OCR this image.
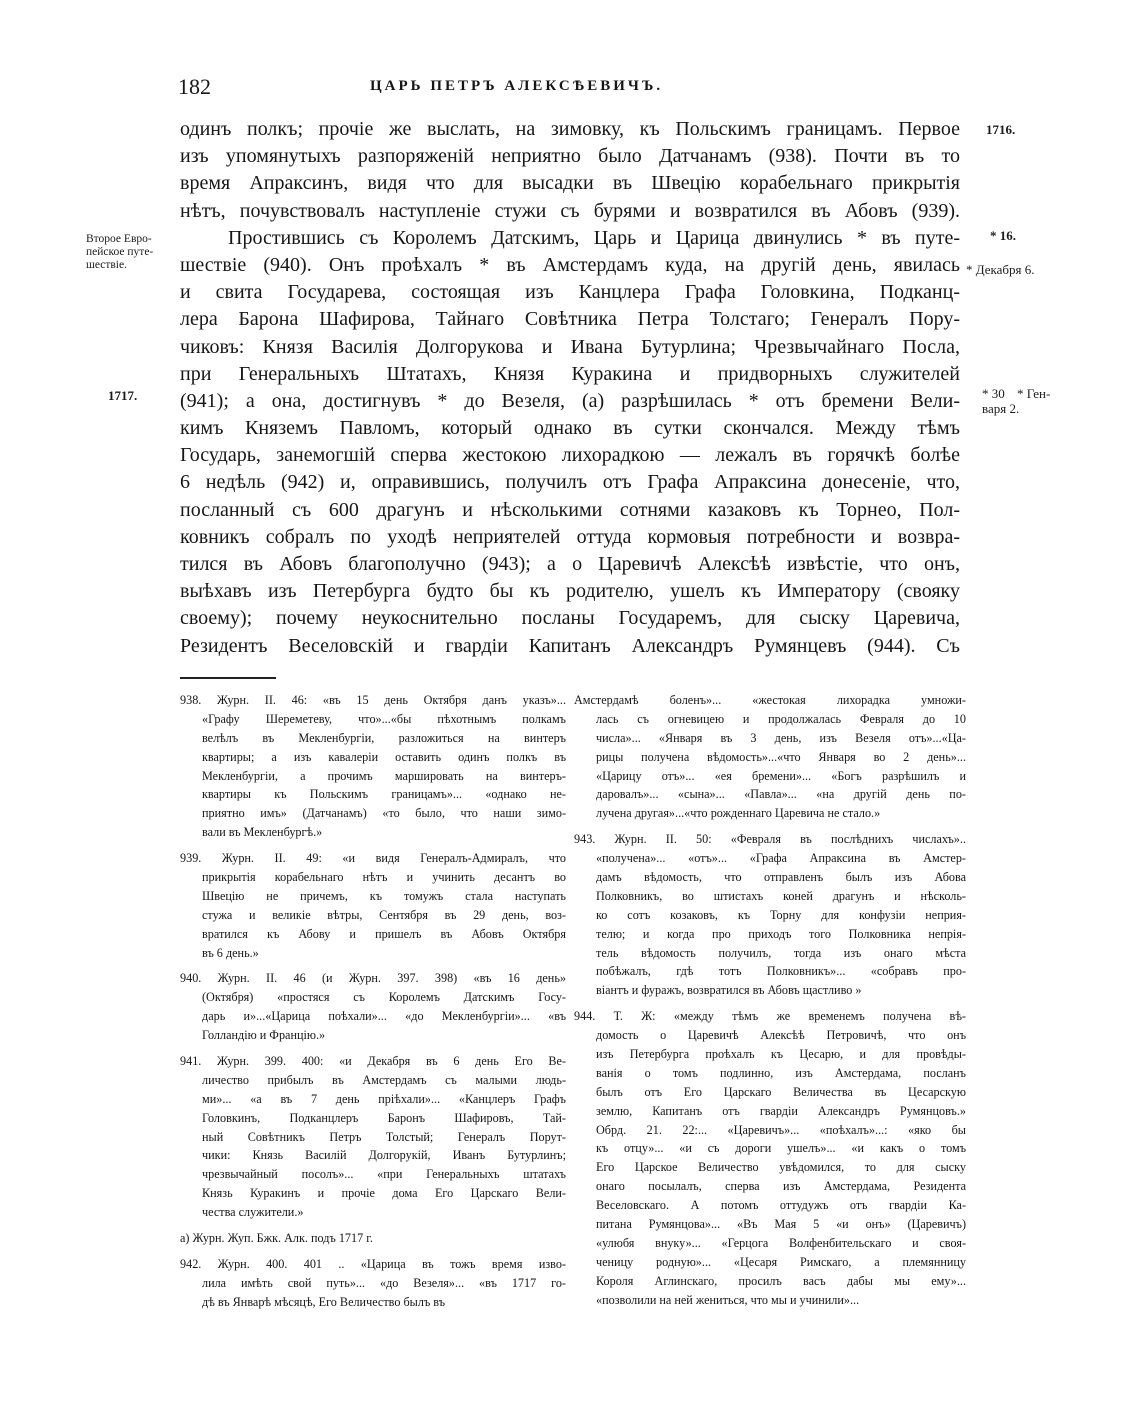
182	ЦАРЬ ПЕТРЪ АЛЕКСѢЕВИЧЪ.
Второе Евро-
пейское путе-
шествіе.
1717.
1716.
* 16.
* Декабря 6.
* 30
варя 2.
* Ген-
одинъ полкъ; прочіе же выслать, на зимовку, къ Польскимъ границамъ. Первое
изъ упомянутыхъ разпоряженій неприятно было Датчанамъ (938). Почти въ то
время Апраксинъ, видя что для высадки въ Швецію корабельнаго прикрытія
нѣтъ, почувствовалъ наступленіе стужи съ бурями и возвратился въ Абовъ (939).
Простившись съ Королемъ Датскимъ, Царь и Царица двинулись * въ путе-
шествіе (940). Онъ проѣхалъ * въ Амстердамъ куда, на другій день, явилась
и свита Государева, состоящая изъ Канцлера Графа Головкина, Подканц-
лера Барона Шафирова, Тайнаго Совѣтника Петра Толстаго; Генералъ Пору-
чиковъ: Князя Василія Долгорукова и Ивана Бутурлина; Чрезвычайнаго Посла,
при Генеральныхъ Штатахъ, Князя Куракина и придворныхъ служителей
(941); а она, достигнувъ * до Везеля, (а) разрѣшилась * отъ бремени Вели-
кимъ Княземъ Павломъ, который однако въ сутки скончался. Между тѣмъ
Государь, занемогшій сперва жестокою лихорадкою — лежалъ въ горячкѣ болѣе
6 недѣль (942) и, оправившись, получилъ отъ Графа Апраксина донесеніе, что,
посланный съ 600 драгунъ и нѣсколькими сотнями казаковъ къ Торнео, Пол-
ковникъ собралъ по уходѣ неприятелей оттуда кормовыя потребности и возвра-
тился въ Абовъ благополучно (943); а о Царевичѣ Алексѣѣ извѣстіе, что онъ,
выѣхавъ изъ Петербурга будто бы къ родителю, ушелъ къ Императору (свояку
своему); почему неукоснительно посланы Государемъ, для сыску Царевича,
Резидентъ Веселовскій и гвардіи Капитанъ Александръ Румянцевъ (944). Съ
938. Журн. II. 46: «въ 15 день Октября данъ указъ»...
«Графу Шереметеву, что»...«бы пѣхотнымъ полкамъ
велѣлъ въ Мекленбургіи, разложиться на винтеръ
квартиры; а изъ кавалеріи оставить одинъ полкъ въ
Мекленбургіи, а прочимъ маршировать на винтеръ-
квартиры къ Польскимъ границамъ»... «однако не-
приятно имъ» (Датчанамъ) «то было, что наши зимо-
вали въ Мекленбургѣ.»
939. Журн. II. 49: «и видя Генералъ-Адмиралъ, что
прикрытія корабельнаго нѣтъ и учинить десантъ во
Швецію не причемъ, къ томужъ стала наступать
стужа и великіе вѣтры, Сентября въ 29 день, воз-
вратился къ Абову и пришелъ въ Абовъ Октября
въ 6 день.»
940. Журн. II. 46 (и Журн. 397. 398) «въ 16 день»
(Октября) «простяся съ Королемъ Датскимъ Госу-
дарь и»...«Царица поѣхали»... «до Мекленбургіи»... «въ
Голландію и Францію.»
941. Журн. 399. 400: «и Декабря въ 6 день Его Ве-
личество прибылъ въ Амстердамъ съ малыми людь-
ми»... «а въ 7 день пріѣхали»... «Канцлеръ Графъ
Головкинъ, Подканцлеръ Баронъ Шафировъ, Тай-
ный Совѣтникъ Петръ Толстый; Генералъ Порут-
чики: Князь Василій Долгорукій, Иванъ Бутурлинъ;
чрезвычайный посолъ»... «при Генеральныхъ штатахъ
Князь Куракинъ и прочіе дома Его Царскаго Вели-
чества служители.»
а) Журн. Жуп. Бжк. Алк. подъ 1717 г.
942. Журн. 400. 401 .. «Царица въ тожъ время изво-
лила имѣть свой путь»... «до Везеля»... «въ 1717 го-
дѣ въ Январѣ мѣсяцѣ, Его Величество былъ въ
Амстердамѣ боленъ»... «жестокая лихорадка умножи-
лась съ огневицею и продолжалась Февраля до 10
числа»... «Января въ 3 день, изъ Везеля отъ»...«Ца-
рицы получена вѣдомость»...«что Января во 2 день»...
«Царицу отъ»... «ея бремени»... «Богъ разрѣшилъ и
даровалъ»... «сына»... «Павла»... «на другій день по-
лучена другая»...«что рожденнаго Царевича не стало.»
943. Журн. II. 50: «Февраля въ послѣднихъ числахъ»..
«получена»... «отъ»... «Графа Апраксина въ Амстер-
дамъ вѣдомость, что отправленъ былъ изъ Абова
Полковникъ, во штистахъ коней драгунъ и нѣсколь-
ко сотъ козаковъ, къ Торну для конфузіи неприя-
телю; и когда про приходъ того Полковника непрія-
тель вѣдомость получилъ, тогда изъ онаго мѣста
побѣжалъ, гдѣ тотъ Полковникъ»... «собравъ про-
віантъ и фуражъ, возвратился въ Абовъ щастливо »
944. Т. Ж: «между тѣмъ же временемъ получена вѣ-
домость о Царевичѣ Алексѣѣ Петровичѣ, что онъ
изъ Петербурга проѣхалъ къ Цесарю, и для провѣды-
ванія о томъ подлинно, изъ Амстердама, посланъ
былъ отъ Его Царскаго Величества въ Цесарскую
землю, Капитанъ отъ гвардіи Александръ Румянцовъ.»
Обрд. 21. 22:... «Царевичъ»... «поѣхалъ»...: «яко бы
къ отцу»... «и съ дороги ушелъ»... «и какъ о томъ
Его Царское Величество увѣдомился, то для сыску
онаго посылалъ, сперва изъ Амстердама, Резидента
Веселовскаго. А потомъ оттудужъ отъ гвардіи Ка-
питана Румянцова»... «Въ Мая 5 «и онъ» (Царевичъ)
«улюбя внуку»... «Герцога Волфенбительскаго и своя-
ченицу родную»... «Цесаря Римскаго, а племянницу
Короля Аглинскаго, просилъ васъ дабы мы ему»...
«позволили на ней жениться, что мы и учинили»...
